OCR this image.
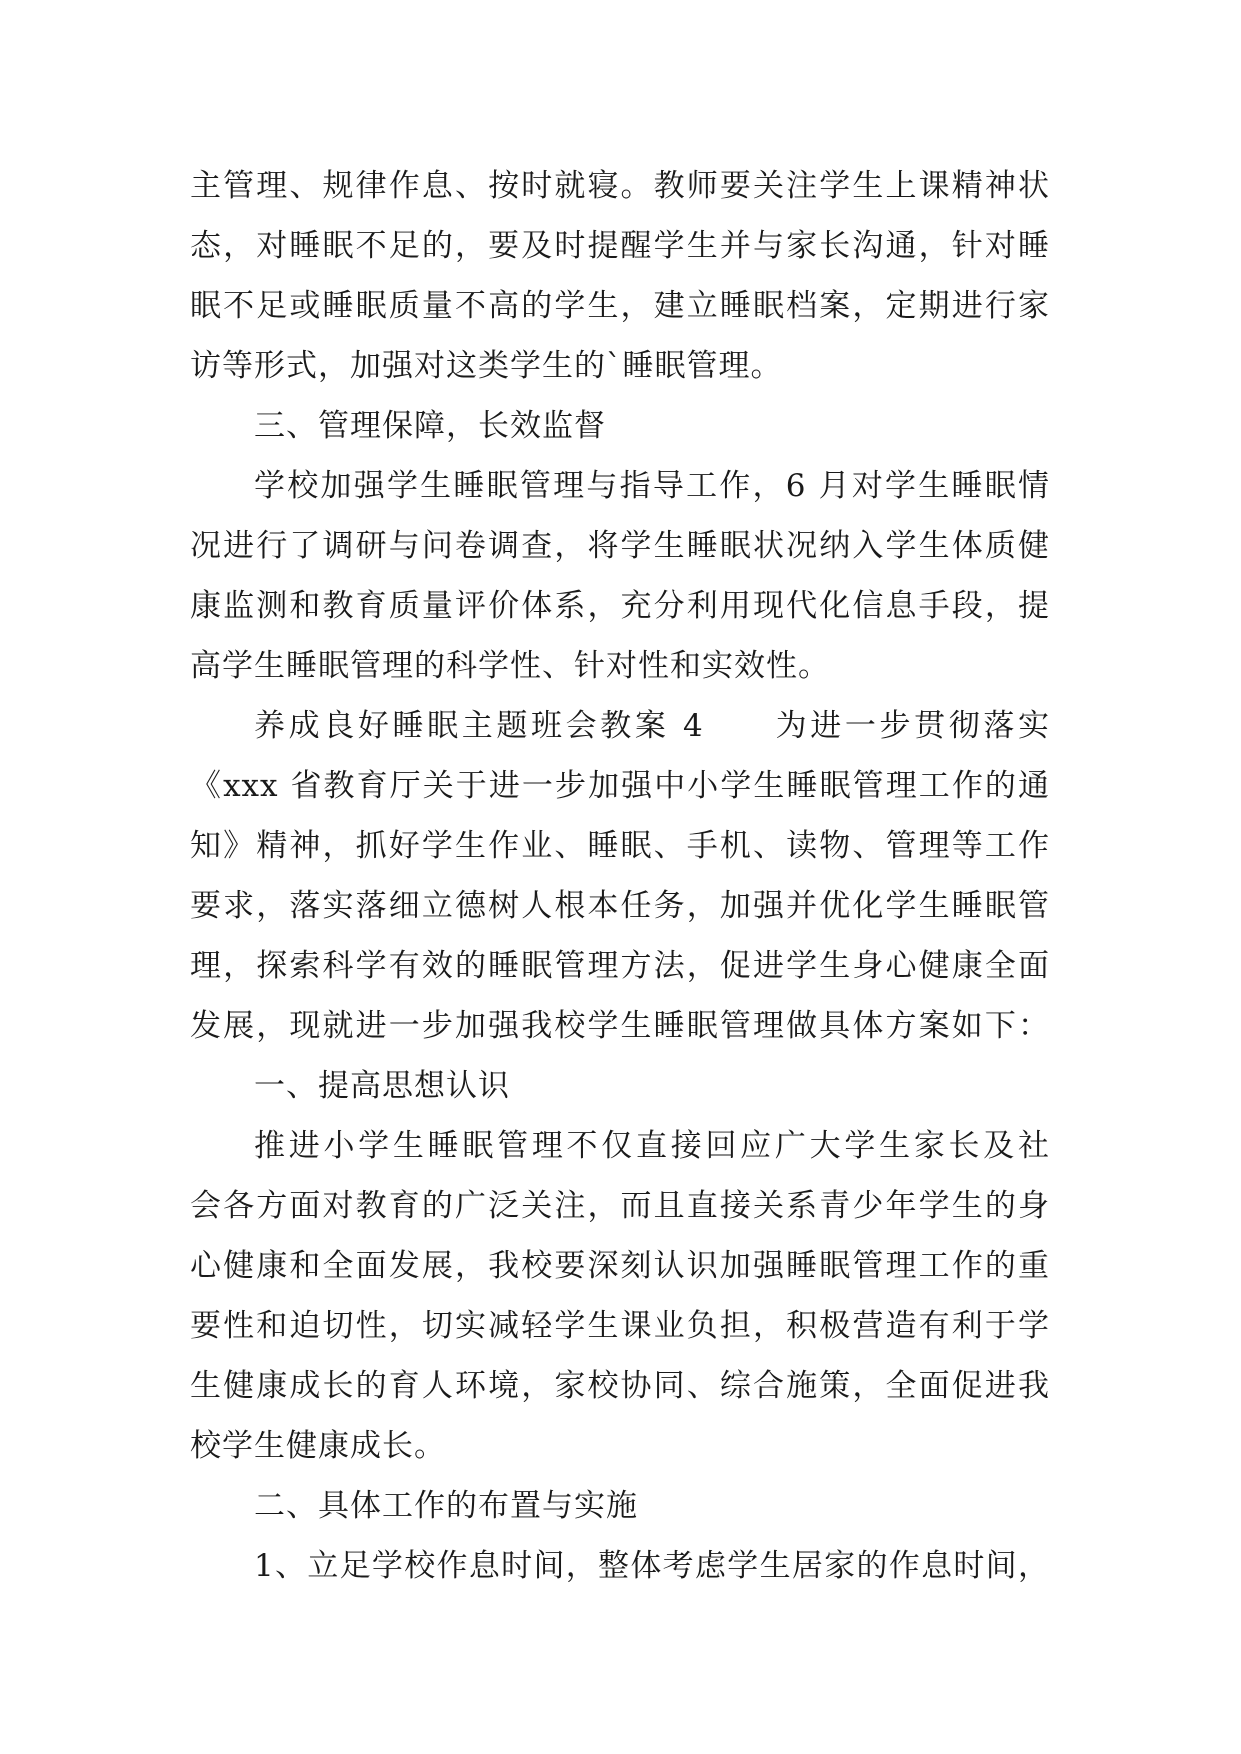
主管理、规律作息、按时就寝。教师要关注学生上课精神状
态，对睡眠不足的，要及时提醒学生并与家长沟通，针对睡
眠不足或睡眠质量不高的学生，建立睡眠档案，定期进行家
访等形式，加强对这类学生的`睡眠管理。
三、管理保障，长效监督
学校加强学生睡眠管理与指导工作，6 月对学生睡眠情
况进行了调研与问卷调查，将学生睡眠状况纳入学生体质健
康监测和教育质量评价体系，充分利用现代化信息手段，提
高学生睡眠管理的科学性、针对性和实效性。
养成良好睡眠主题班会教案 4　　为进一步贯彻落实
《xxx 省教育厅关于进一步加强中小学生睡眠管理工作的通
知》精神，抓好学生作业、睡眠、手机、读物、管理等工作
要求，落实落细立德树人根本任务，加强并优化学生睡眠管
理，探索科学有效的睡眠管理方法，促进学生身心健康全面
发展，现就进一步加强我校学生睡眠管理做具体方案如下：
一、提高思想认识
推进小学生睡眠管理不仅直接回应广大学生家长及社
会各方面对教育的广泛关注，而且直接关系青少年学生的身
心健康和全面发展，我校要深刻认识加强睡眠管理工作的重
要性和迫切性，切实减轻学生课业负担，积极营造有利于学
生健康成长的育人环境，家校协同、综合施策，全面促进我
校学生健康成长。
二、具体工作的布置与实施
1、立足学校作息时间，整体考虑学生居家的作息时间，
